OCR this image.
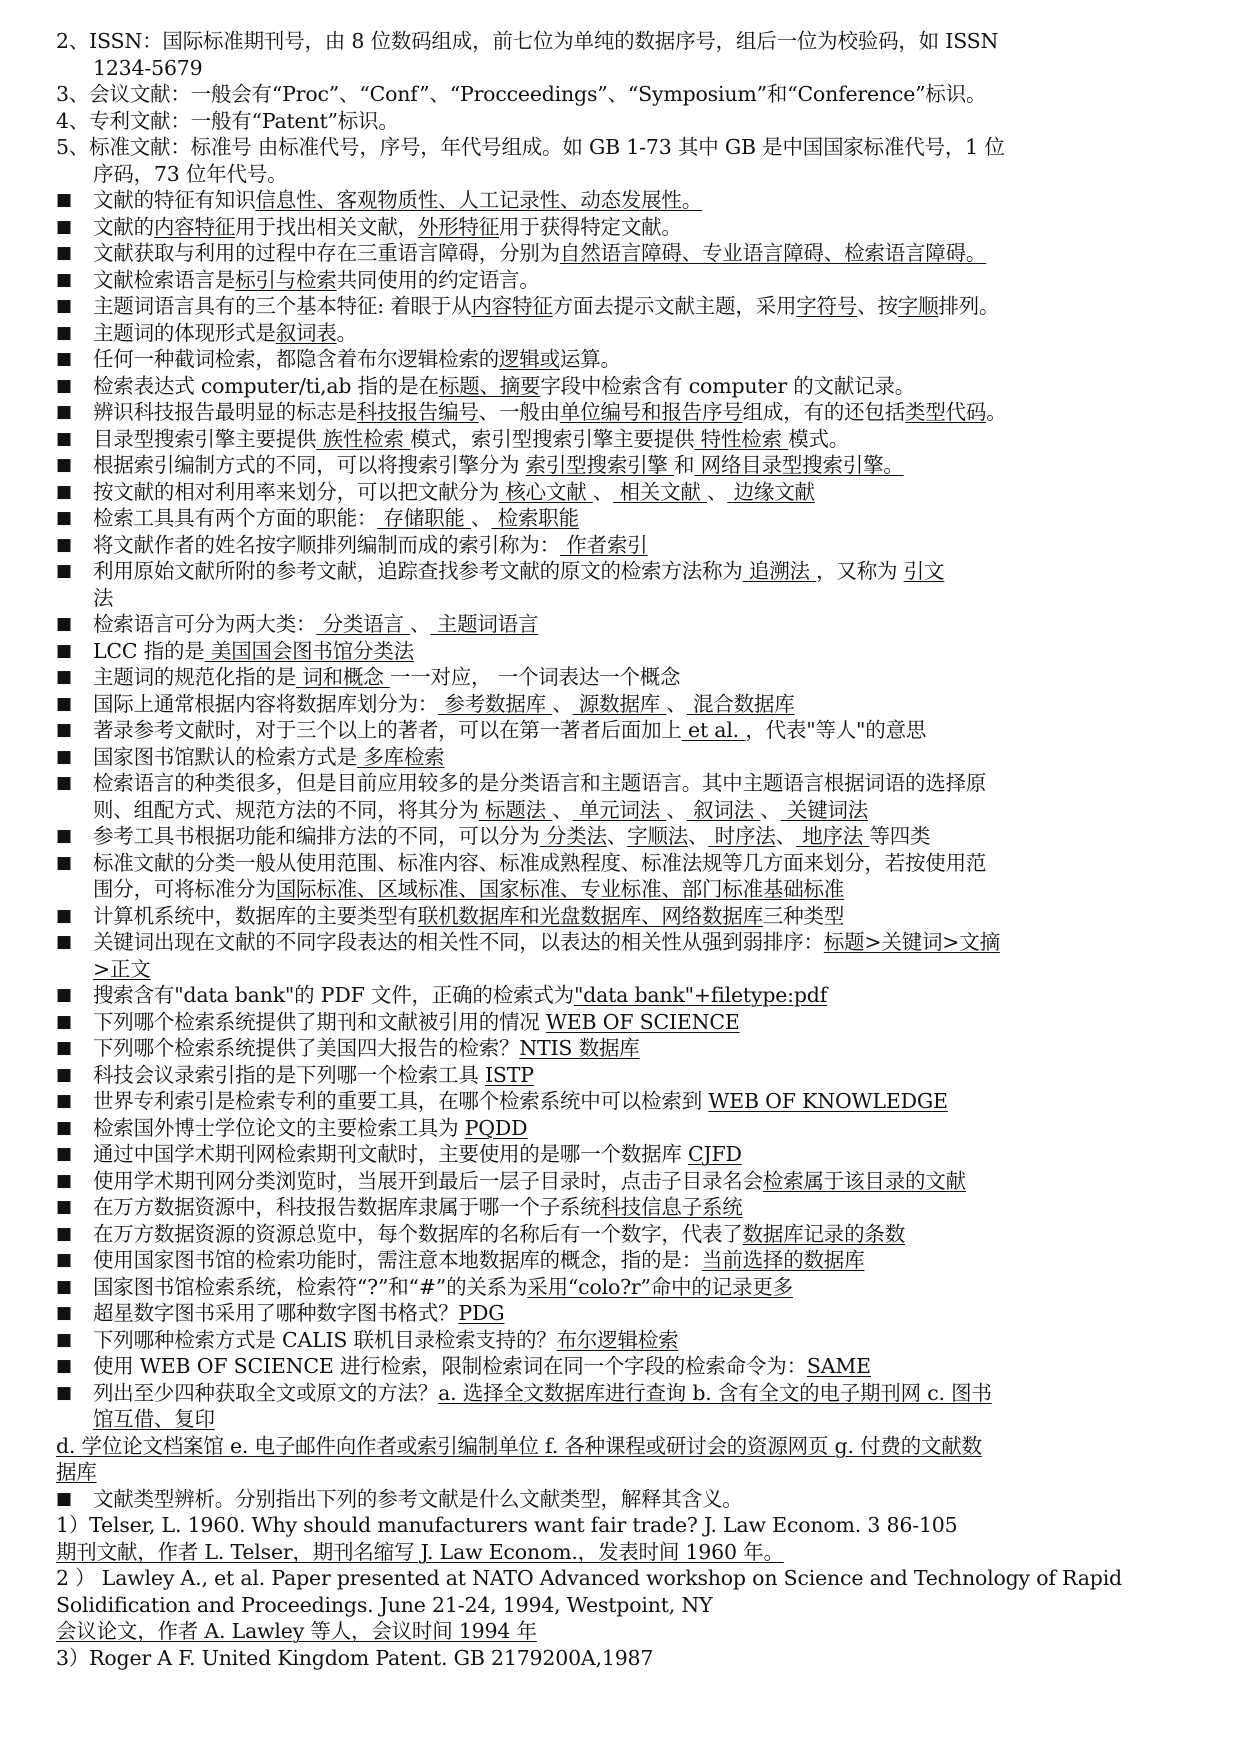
2、ISSN：国际标准期刊号，由 8 位数码组成，前七位为单纯的数据序号，组后一位为校验码，如 ISSN
1234-5679

3、会议文献：一般会有“Proc”、“Conf”、“Procceedings”、“Symposium”和“Conference”标识。

4、专利文献：一般有“Patent”标识。

5、标准文献：标准号 由标准代号，序号，年代号组成。如 GB 1-73 其中 GB 是中国国家标准代号，1 位
序码，73 位年代号。

■	文献的特征有知识信息性、客观物质性、人工记录性、动态发展性。
■	文献的内容特征用于找出相关文献，外形特征用于获得特定文献。
■	文献获取与利用的过程中存在三重语言障碍，分别为自然语言障碍、专业语言障碍、检索语言障碍。
■	文献检索语言是标引与检索共同使用的约定语言。
■	主题词语言具有的三个基本特征: 着眼于从内容特征方面去提示文献主题，采用字符号、按字顺排列。
■	主题词的体现形式是叙词表。
■	任何一种截词检索，都隐含着布尔逻辑检索的逻辑或运算。
■	检索表达式 computer/ti,ab 指的是在标题、摘要字段中检索含有 computer 的文献记录。
■	辨识科技报告最明显的标志是科技报告编号、一般由单位编号和报告序号组成，有的还包括类型代码。
■	目录型搜索引擎主要提供 族性检索 模式，索引型搜索引擎主要提供 特性检索 模式。
■	根据索引编制方式的不同，可以将搜索引擎分为 索引型搜索引擎 和 网络目录型搜索引擎。
■	按文献的相对利用率来划分，可以把文献分为 核心文献 、 相关文献 、 边缘文献
■	检索工具具有两个方面的职能： 存储职能 、 检索职能
■	将文献作者的姓名按字顺排列编制而成的索引称为： 作者索引
■	利用原始文献所附的参考文献，追踪查找参考文献的原文的检索方法称为 追溯法 ，又称为 引文
法
■	检索语言可分为两大类： 分类语言 、 主题词语言
■	LCC 指的是 美国国会图书馆分类法
■	主题词的规范化指的是 词和概念 一一对应， 一个词表达一个概念
■	国际上通常根据内容将数据库划分为： 参考数据库 、 源数据库 、 混合数据库
■	著录参考文献时，对于三个以上的著者，可以在第一著者后面加上 et al. ，代表"等人"的意思
■	国家图书馆默认的检索方式是 多库检索
■	检索语言的种类很多，但是目前应用较多的是分类语言和主题语言。其中主题语言根据词语的选择原
则、组配方式、规范方法的不同，将其分为 标题法 、 单元词法 、 叙词法 、 关键词法
■	参考工具书根据功能和编排方法的不同，可以分为 分类法、字顺法、 时序法、 地序法 等四类
■	标准文献的分类一般从使用范围、标准内容、标准成熟程度、标准法规等几方面来划分，若按使用范
围分，可将标准分为国际标准、区域标准、国家标准、专业标准、部门标准基础标准
■	计算机系统中，数据库的主要类型有联机数据库和光盘数据库、网络数据库三种类型
■	关键词出现在文献的不同字段表达的相关性不同，以表达的相关性从强到弱排序：标题>关键词>文摘
>正文
■	搜索含有"data bank"的 PDF 文件，正确的检索式为"data bank"+filetype:pdf
■	下列哪个检索系统提供了期刊和文献被引用的情况 WEB OF SCIENCE
■	下列哪个检索系统提供了美国四大报告的检索？NTIS 数据库
■	科技会议录索引指的是下列哪一个检索工具 ISTP
■	世界专利索引是检索专利的重要工具，在哪个检索系统中可以检索到 WEB OF KNOWLEDGE
■	检索国外博士学位论文的主要检索工具为 PQDD
■	通过中国学术期刊网检索期刊文献时，主要使用的是哪一个数据库 CJFD
■	使用学术期刊网分类浏览时，当展开到最后一层子目录时，点击子目录名会检索属于该目录的文献
■	在万方数据资源中，科技报告数据库隶属于哪一个子系统科技信息子系统
■	在万方数据资源的资源总览中，每个数据库的名称后有一个数字，代表了数据库记录的条数
■	使用国家图书馆的检索功能时，需注意本地数据库的概念，指的是：当前选择的数据库
■	国家图书馆检索系统，检索符“?”和“#”的关系为采用“colo?r”命中的记录更多
■	超星数字图书采用了哪种数字图书格式？PDG
■	下列哪种检索方式是 CALIS 联机目录检索支持的？布尔逻辑检索
■	使用 WEB OF SCIENCE 进行检索，限制检索词在同一个字段的检索命令为：SAME
■	列出至少四种获取全文或原文的方法？a. 选择全文数据库进行查询 b. 含有全文的电子期刊网 c. 图书
馆互借、复印

d. 学位论文档案馆 e. 电子邮件向作者或索引编制单位 f. 各种课程或研讨会的资源网页 g. 付费的文献数
据库

■	文献类型辨析。分别指出下列的参考文献是什么文献类型，解释其含义。

1）Telser, L. 1960. Why should manufacturers want fair trade? J. Law Econom. 3 86-105
期刊文献，作者 L. Telser，期刊名缩写 J. Law Econom.，发表时间 1960 年。

2 ） Lawley A., et al. Paper presented at NATO Advanced workshop on Science and Technology of Rapid
Solidification and Proceedings. June 21-24, 1994, Westpoint, NY
会议论文，作者 A. Lawley 等人，会议时间 1994 年

3）Roger A F. United Kingdom Patent. GB 2179200A,1987
